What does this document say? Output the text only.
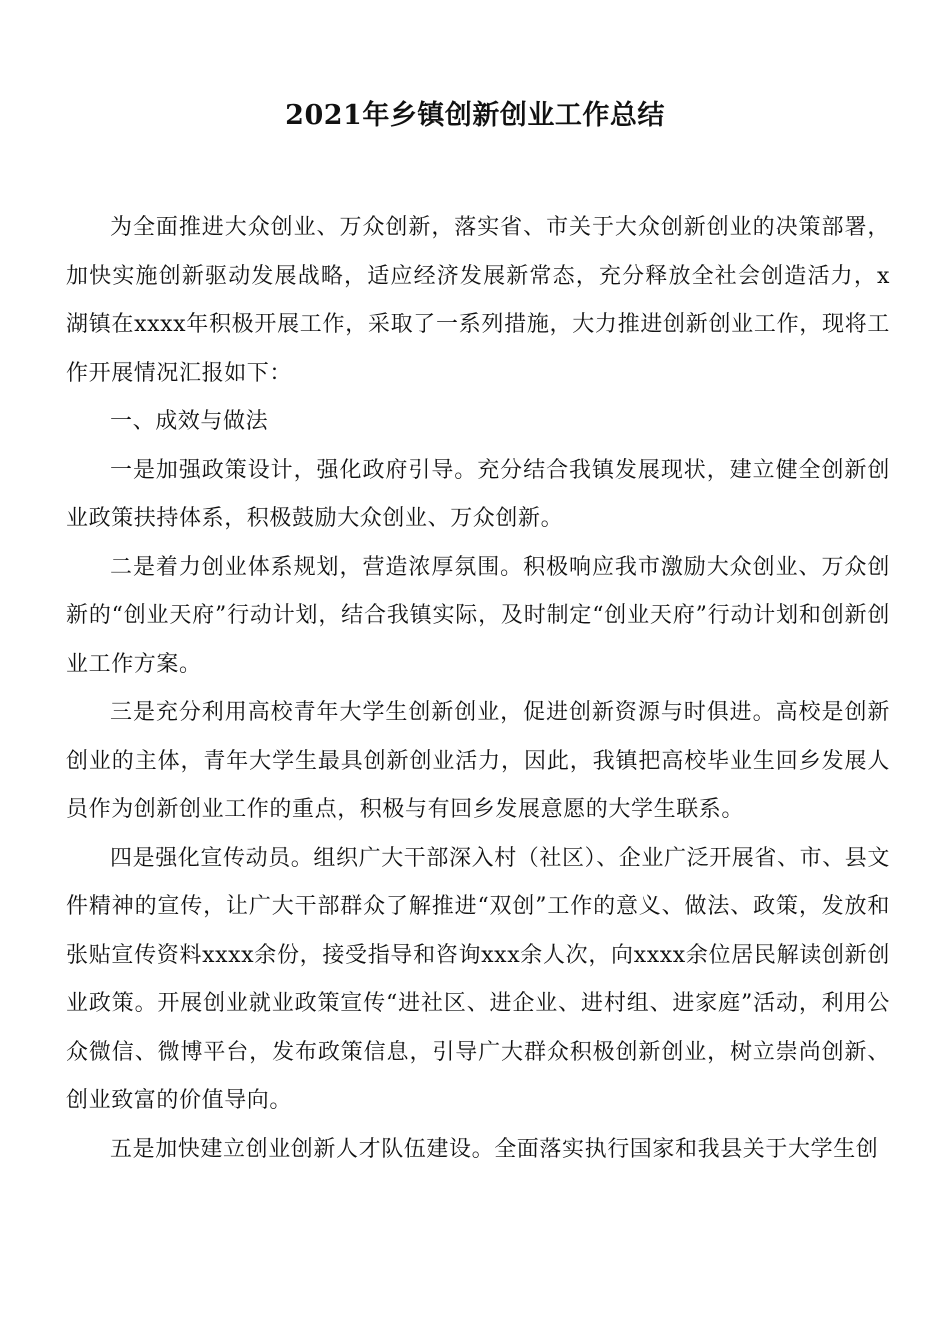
2021年乡镇创新创业工作总结

为全面推进大众创业、万众创新，落实省、市关于大众创新创业的决策部署，加快实施创新驱动发展战略，适应经济发展新常态，充分释放全社会创造活力，x湖镇在xxxx年积极开展工作，采取了一系列措施，大力推进创新创业工作，现将工作开展情况汇报如下：

一、成效与做法

一是加强政策设计，强化政府引导。充分结合我镇发展现状，建立健全创新创业政策扶持体系，积极鼓励大众创业、万众创新。

二是着力创业体系规划，营造浓厚氛围。积极响应我市激励大众创业、万众创新的“创业天府”行动计划，结合我镇实际，及时制定“创业天府”行动计划和创新创业工作方案。

三是充分利用高校青年大学生创新创业，促进创新资源与时俱进。高校是创新创业的主体，青年大学生最具创新创业活力，因此，我镇把高校毕业生回乡发展人员作为创新创业工作的重点，积极与有回乡发展意愿的大学生联系。

四是强化宣传动员。组织广大干部深入村（社区）、企业广泛开展省、市、县文件精神的宣传，让广大干部群众了解推进“双创”工作的意义、做法、政策，发放和张贴宣传资料xxxx余份，接受指导和咨询xxx余人次，向xxxx余位居民解读创新创业政策。开展创业就业政策宣传“进社区、进企业、进村组、进家庭”活动，利用公众微信、微博平台，发布政策信息，引导广大群众积极创新创业，树立崇尚创新、创业致富的价值导向。

五是加快建立创业创新人才队伍建设。全面落实执行国家和我县关于大学生创
